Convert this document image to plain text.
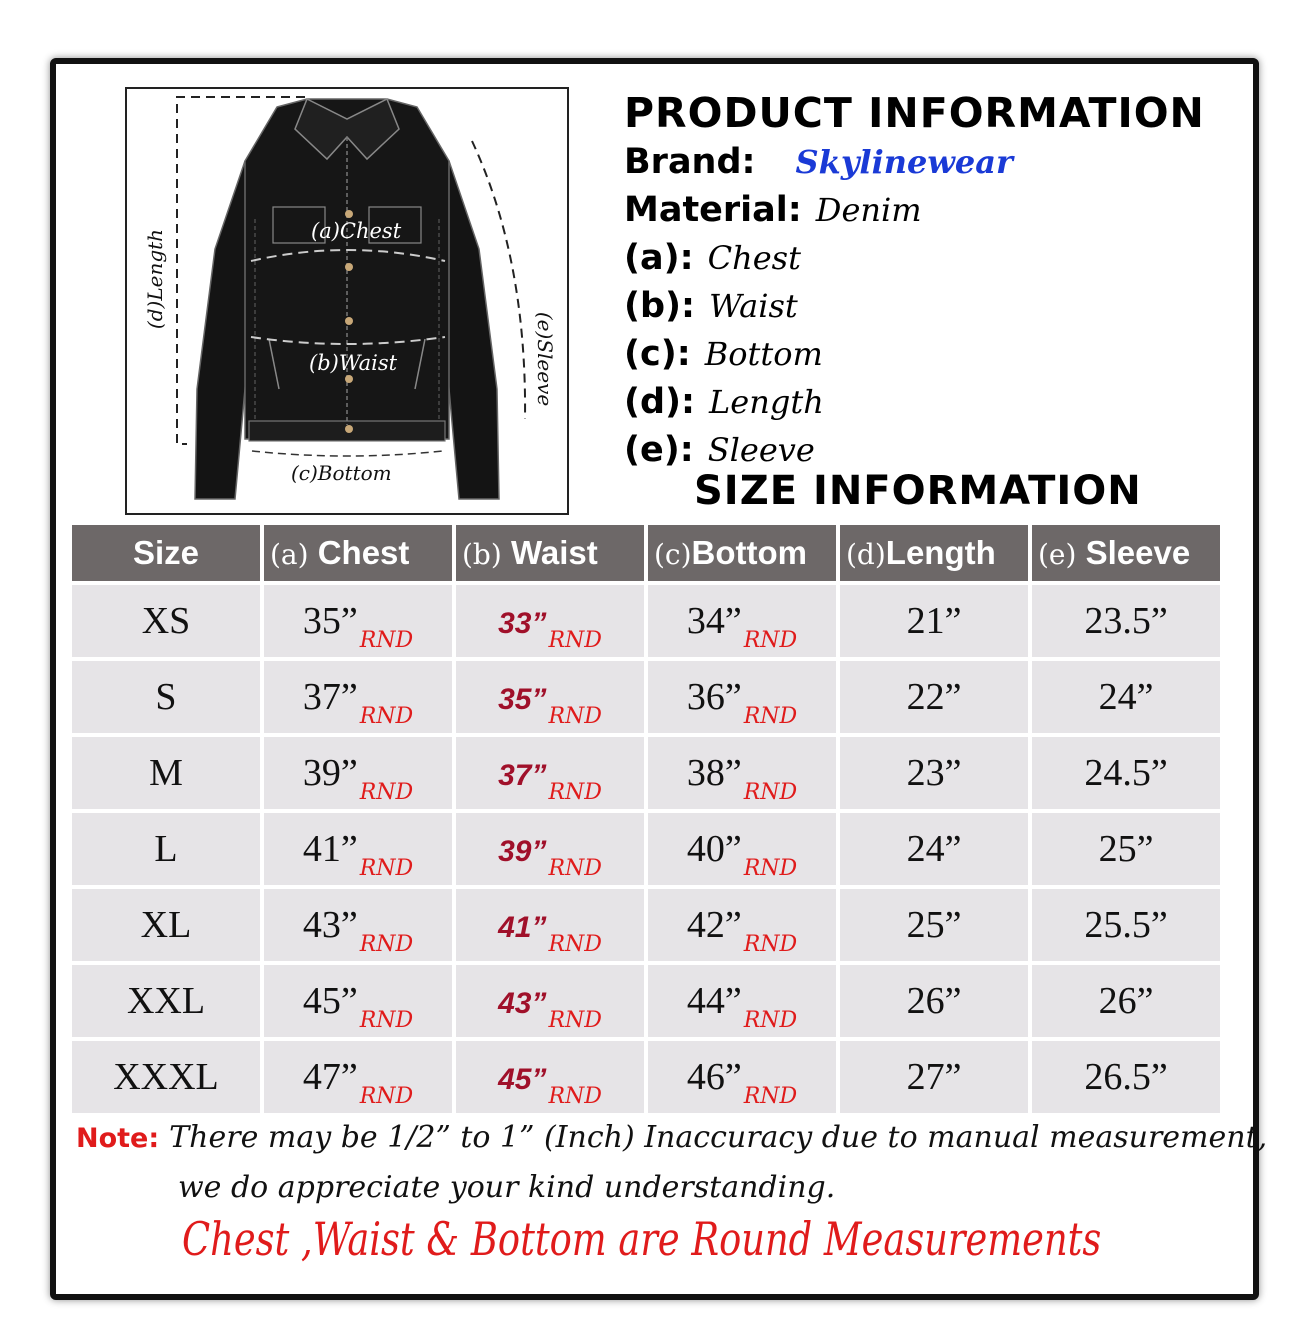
(a)Chest
(b)Waist
(c)Bottom
(d)Length
(e)Sleeve
PRODUCT INFORMATION
Brand: Skylinewear
Material: Denim
(a): Chest
(b): Waist
(c): Bottom
(d): Length
(e): Sleeve
SIZE INFORMATION
Size	(a) Chest	(b) Waist	(c)Bottom	(d)Length	(e) Sleeve
XS	$35”_{RND}$	$33”_{RND}$	$34”_{RND}$	21”	23.5”
S	$37”_{RND}$	$35”_{RND}$	$36”_{RND}$	22”	24”
M	$39”_{RND}$	$37”_{RND}$	$38”_{RND}$	23”	24.5”
L	$41”_{RND}$	$39”_{RND}$	$40”_{RND}$	24”	25”
XL	$43”_{RND}$	$41”_{RND}$	$42”_{RND}$	25”	25.5”
XXL	$45”_{RND}$	$43”_{RND}$	$44”_{RND}$	26”	26”
XXXL	$47”_{RND}$	$45”_{RND}$	$46”_{RND}$	27”	26.5”
Note: There may be 1/2” to 1” (Inch) Inaccuracy due to manual measurement,
we do appreciate your kind understanding.
Chest ,Waist & Bottom are Round Measurements
